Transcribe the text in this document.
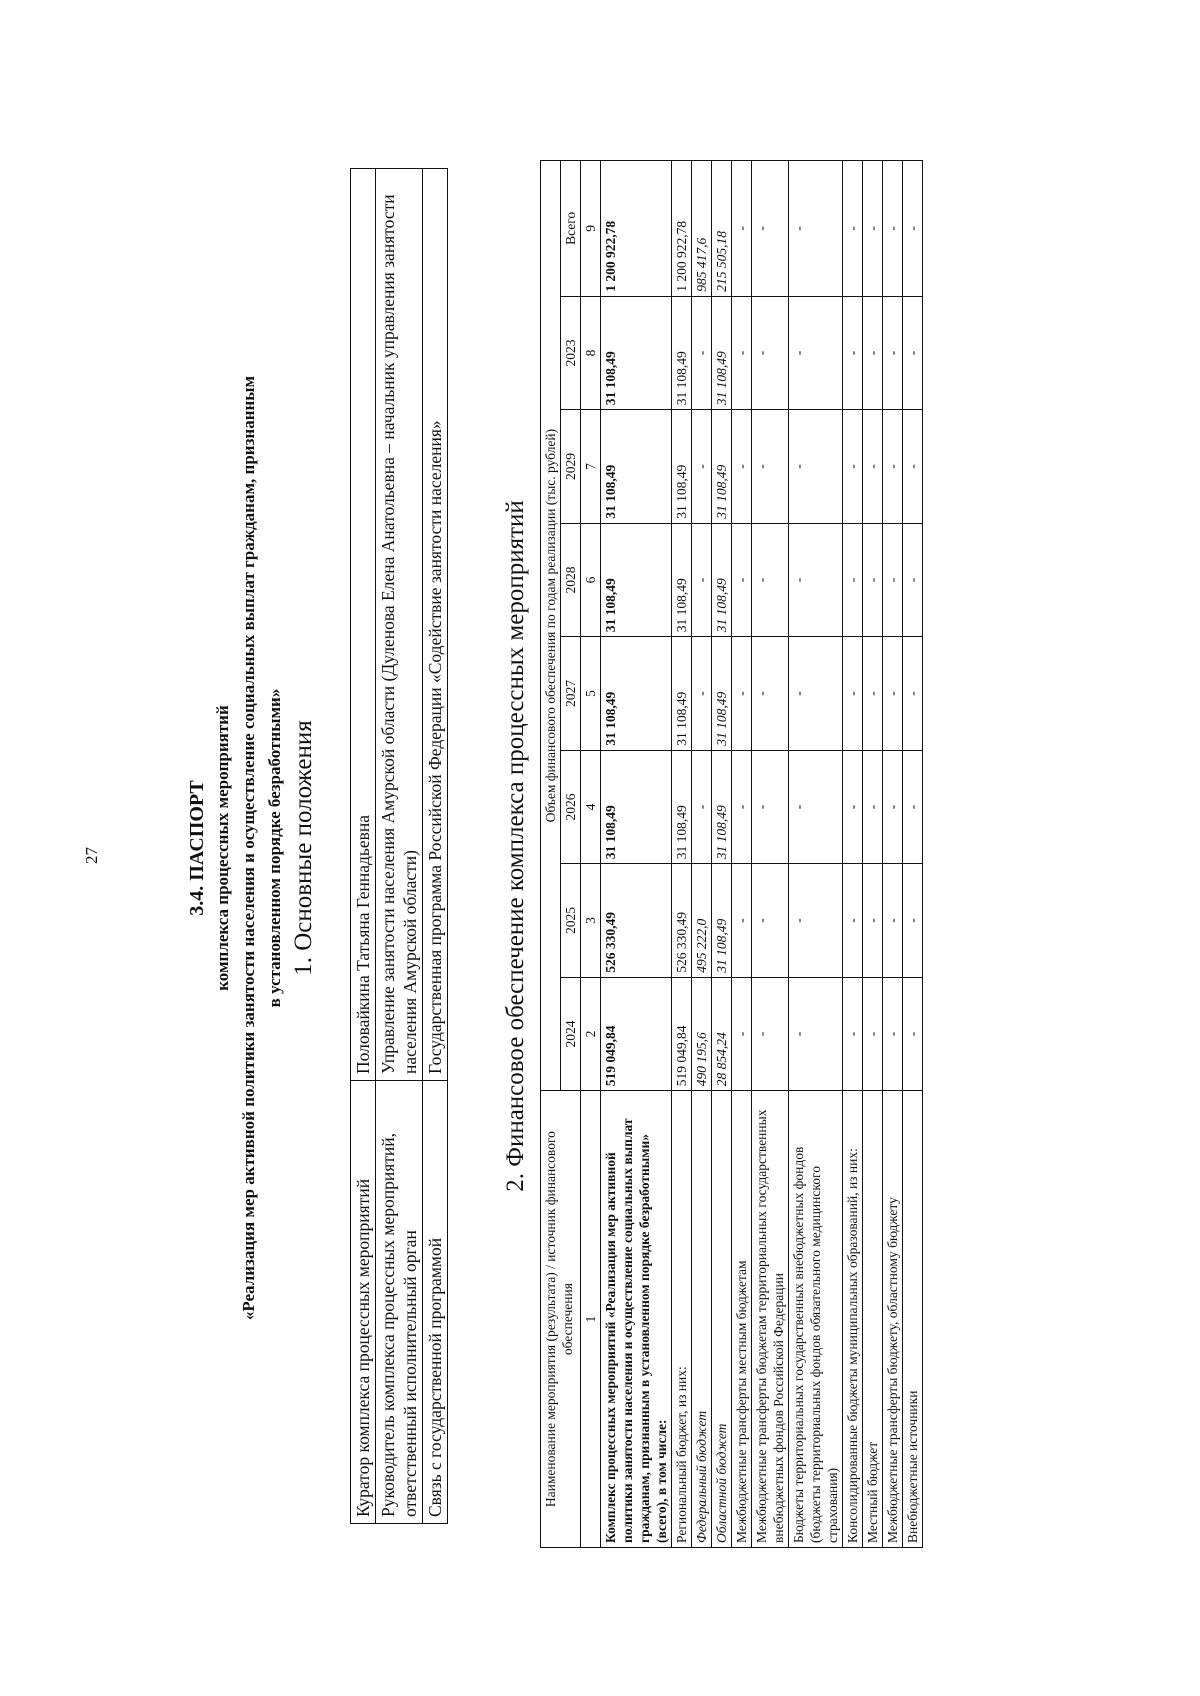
27	3.4. ПАСПОРТ комплекса процессных мероприятий «Реализация мер активной политики занятости населения и осуществление социальных выплат гражданам, признанным в установленном порядке безработными» 1. Основные положения
Куратор комплекса процессных мероприятий	Половайкина Татьяна Геннадьевна
Руководитель комплекса процессных мероприятий, ответственный исполнительный орган	Управление занятости населения Амурской области (Дуленова Елена Анатольевна – начальник управления занятости населения Амурской области)
Связь с государственной программой	Государственная программа Российской Федерации «Содействие занятости населения» 2. Финансовое обеспечение комплекса процессных мероприятий
Наименование мероприятия (результата) / источник финансового обеспечения	Объем финансового обеспечения по годам реализации (тыс. рублей)							
	2024	2025	2026	2027	2028	2029	2023	Всего
1	2	3	4	5	6	7	8	9
Комплекс процессных мероприятий «Реализация мер активной политики занятости населения и осуществление социальных выплат гражданам, признанным в установленном порядке безработными» (всего), в том числе:	519 049,84	526 330,49	31 108,49	31 108,49	31 108,49	31 108,49	31 108,49	1 200 922,78
Региональный бюджет, из них:	519 049,84	526 330,49	31 108,49	31 108,49	31 108,49	31 108,49	31 108,49	1 200 922,78
Федеральный бюджет	490 195,6	495 222,0	-	-	-	-	-	985 417,6
Областной бюджет	28 854,24	31 108,49	31 108,49	31 108,49	31 108,49	31 108,49	31 108,49	215 505,18
Межбюджетные трансферты местным бюджетам	-	-	-	-	-	-	-	-
Межбюджетные трансферты бюджетам территориальных государственных внебюджетных фондов Российской Федерации	-	-	-	-	-	-	-	-
Бюджеты территориальных государственных внебюджетных фондов (бюджеты территориальных фондов обязательного медицинского страхования)	-	-	-	-	-	-	-	-
Консолидированные бюджеты муниципальных образований, из них:	-	-	-	-	-	-	-	-
Местный бюджет	-	-	-	-	-	-	-	-
Межбюджетные трансферты бюджету, областному бюджету	-	-	-	-	-	-	-	-
Внебюджетные источники	-	-	-	-	-	-	-	-
